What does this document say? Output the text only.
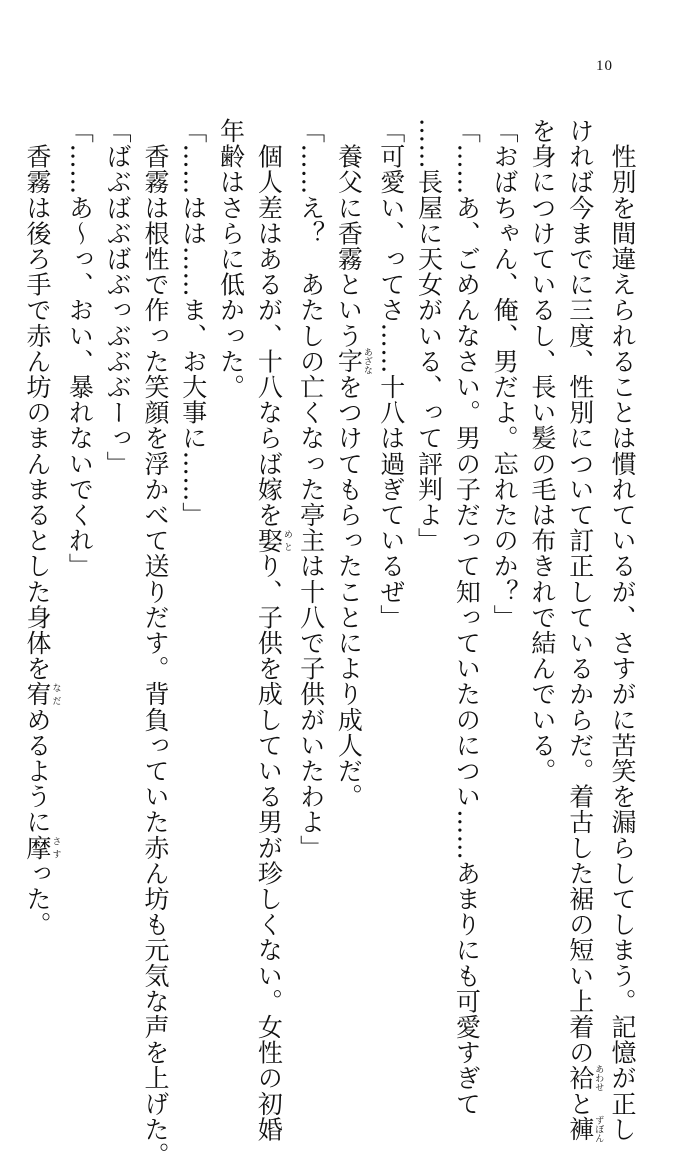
10
　性別を間違えられることは慣れているが、さすがに苦笑を漏らしてしまう。記憶が正し
ければ今までに三度、性別について訂正しているからだ。着古した裾の短い上着の袷あわせと褲ずぼん
を身につけているし、長い髪の毛は布きれで結んでいる。
「おばちゃん、俺、男だよ。忘れたのか？」
「……あ、ごめんなさい。男の子だって知っていたのについ……あまりにも可愛すぎて
……長屋に天女がいる、って評判よ」
「可愛い、ってさ……十八は過ぎているぜ」
　養父に香霧という字あざなをつけてもらったことにより成人だ。
「……え？　あたしの亡くなった亭主は十八で子供がいたわよ」
　個人差はあるが、十八ならば嫁を娶めとり、子供を成している男が珍しくない。女性の初婚
年齢はさらに低かった。
「……はは……ま、お大事に……」
　香霧は根性で作った笑顔を浮かべて送りだす。背負っていた赤ん坊も元気な声を上げた。
「ばぶばぶばぶっぶぶぶーっ」
「……あ～っ、おい、暴れないでくれ」
　香霧は後ろ手で赤ん坊のまんまるとした身体を宥なだめるように摩さすった。
